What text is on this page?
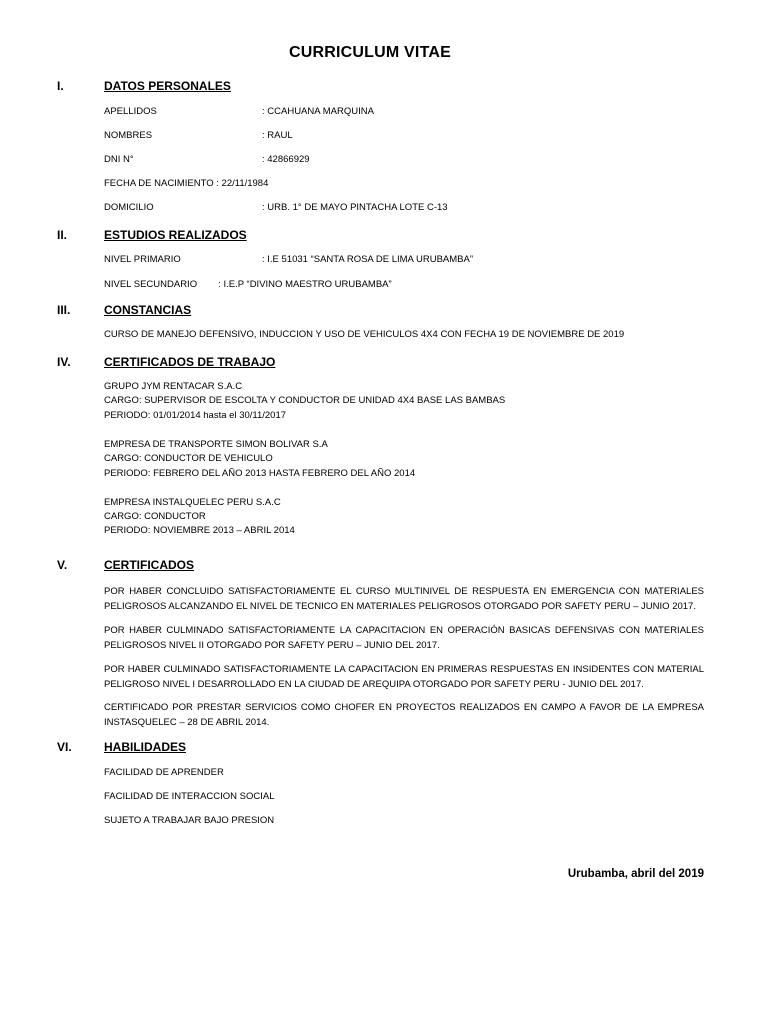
CURRICULUM VITAE
I.	DATOS PERSONALES
APELLIDOS	: CCAHUANA MARQUINA
NOMBRES	: RAUL
DNI N°	: 42866929
FECHA DE NACIMIENTO : 22/11/1984
DOMICILIO	: URB. 1° DE MAYO PINTACHA LOTE C-13
II.	ESTUDIOS REALIZADOS
NIVEL PRIMARIO	: I.E 51031 “SANTA ROSA DE LIMA URUBAMBA”
NIVEL SECUNDARIO        : I.E.P “DIVINO MAESTRO URUBAMBA”
III.	CONSTANCIAS
CURSO DE MANEJO DEFENSIVO, INDUCCION Y USO DE VEHICULOS 4X4 CON FECHA 19 DE NOVIEMBRE DE 2019
IV.	CERTIFICADOS DE TRABAJO
GRUPO JYM RENTACAR S.A.C
CARGO: SUPERVISOR DE ESCOLTA Y CONDUCTOR DE UNIDAD 4X4 BASE LAS BAMBAS
PERIODO: 01/01/2014 hasta el 30/11/2017
EMPRESA DE TRANSPORTE SIMON BOLIVAR S.A
CARGO: CONDUCTOR DE VEHICULO
PERIODO: FEBRERO DEL AÑO 2013 HASTA FEBRERO DEL AÑO 2014
EMPRESA INSTALQUELEC PERU S.A.C
CARGO: CONDUCTOR
PERIODO: NOVIEMBRE 2013 – ABRIL 2014
V.	CERTIFICADOS
POR HABER CONCLUIDO SATISFACTORIAMENTE EL CURSO MULTINIVEL DE RESPUESTA EN EMERGENCIA CON MATERIALES PELIGROSOS ALCANZANDO EL NIVEL DE TECNICO EN MATERIALES PELIGROSOS OTORGADO POR SAFETY PERU – JUNIO 2017.
POR HABER CULMINADO SATISFACTORIAMENTE LA CAPACITACION EN OPERACIÓN BASICAS DEFENSIVAS CON MATERIALES PELIGROSOS NIVEL II OTORGADO POR SAFETY PERU – JUNIO DEL 2017.
POR HABER CULMINADO SATISFACTORIAMENTE LA CAPACITACION EN PRIMERAS RESPUESTAS EN INSIDENTES CON MATERIAL PELIGROSO NIVEL I DESARROLLADO EN LA CIUDAD DE AREQUIPA OTORGADO POR SAFETY PERU - JUNIO DEL 2017.
CERTIFICADO POR PRESTAR SERVICIOS COMO CHOFER EN PROYECTOS REALIZADOS EN CAMPO A FAVOR DE LA EMPRESA INSTASQUELEC – 28 DE ABRIL 2014.
VI.	HABILIDADES
FACILIDAD DE APRENDER
FACILIDAD DE INTERACCION SOCIAL
SUJETO A TRABAJAR BAJO PRESION
Urubamba, abril del 2019
